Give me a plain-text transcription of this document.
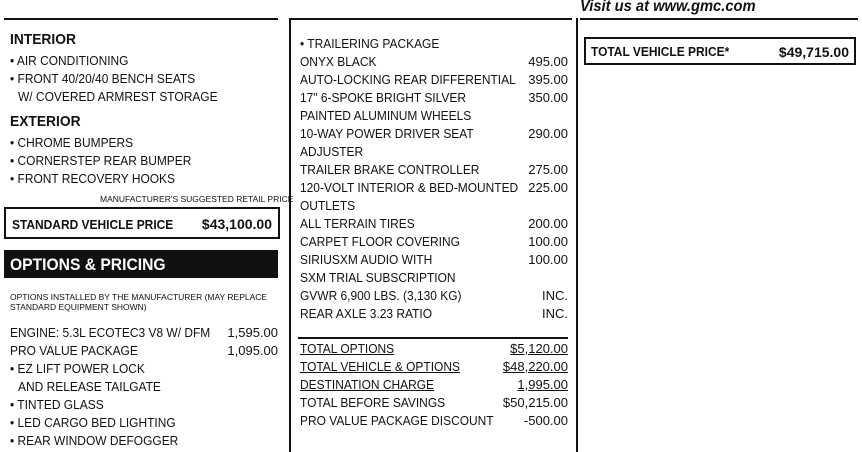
Visit us at www.gmc.com
INTERIOR
• AIR CONDITIONING
• FRONT 40/20/40 BENCH SEATS
W/ COVERED ARMREST STORAGE
EXTERIOR
• CHROME BUMPERS
• CORNERSTEP REAR BUMPER
• FRONT RECOVERY HOOKS
MANUFACTURER'S SUGGESTED RETAIL PRICE
STANDARD VEHICLE PRICE $43,100.00
OPTIONS & PRICING
OPTIONS INSTALLED BY THE MANUFACTURER (MAY REPLACE
STANDARD EQUIPMENT SHOWN)
ENGINE: 5.3L ECOTEC3 V8 W/ DFM 1,595.00
PRO VALUE PACKAGE	1,095.00
• EZ LIFT POWER LOCK
AND RELEASE TAILGATE
• TINTED GLASS
• LED CARGO BED LIGHTING
• REAR WINDOW DEFOGGER
• TRAILERING PACKAGE
ONYX BLACK	495.00
AUTO-LOCKING REAR DIFFERENTIAL 395.00
17" 6-SPOKE BRIGHT SILVER	350.00
PAINTED ALUMINUM WHEELS
10-WAY POWER DRIVER SEAT	290.00
ADJUSTER
TRAILER BRAKE CONTROLLER	275.00
120-VOLT INTERIOR & BED-MOUNTED 225.00
OUTLETS
ALL TERRAIN TIRES	200.00
CARPET FLOOR COVERING	100.00
SIRIUSXM AUDIO WITH	100.00
SXM TRIAL SUBSCRIPTION
GVWR 6,900 LBS. (3,130 KG)	INC.
REAR AXLE 3.23 RATIO	INC.
TOTAL OPTIONS	$5,120.00
TOTAL VEHICLE & OPTIONS	$48,220.00
DESTINATION CHARGE	1,995.00
TOTAL BEFORE SAVINGS	$50,215.00
PRO VALUE PACKAGE DISCOUNT -500.00
TOTAL VEHICLE PRICE*	$49,715.00
